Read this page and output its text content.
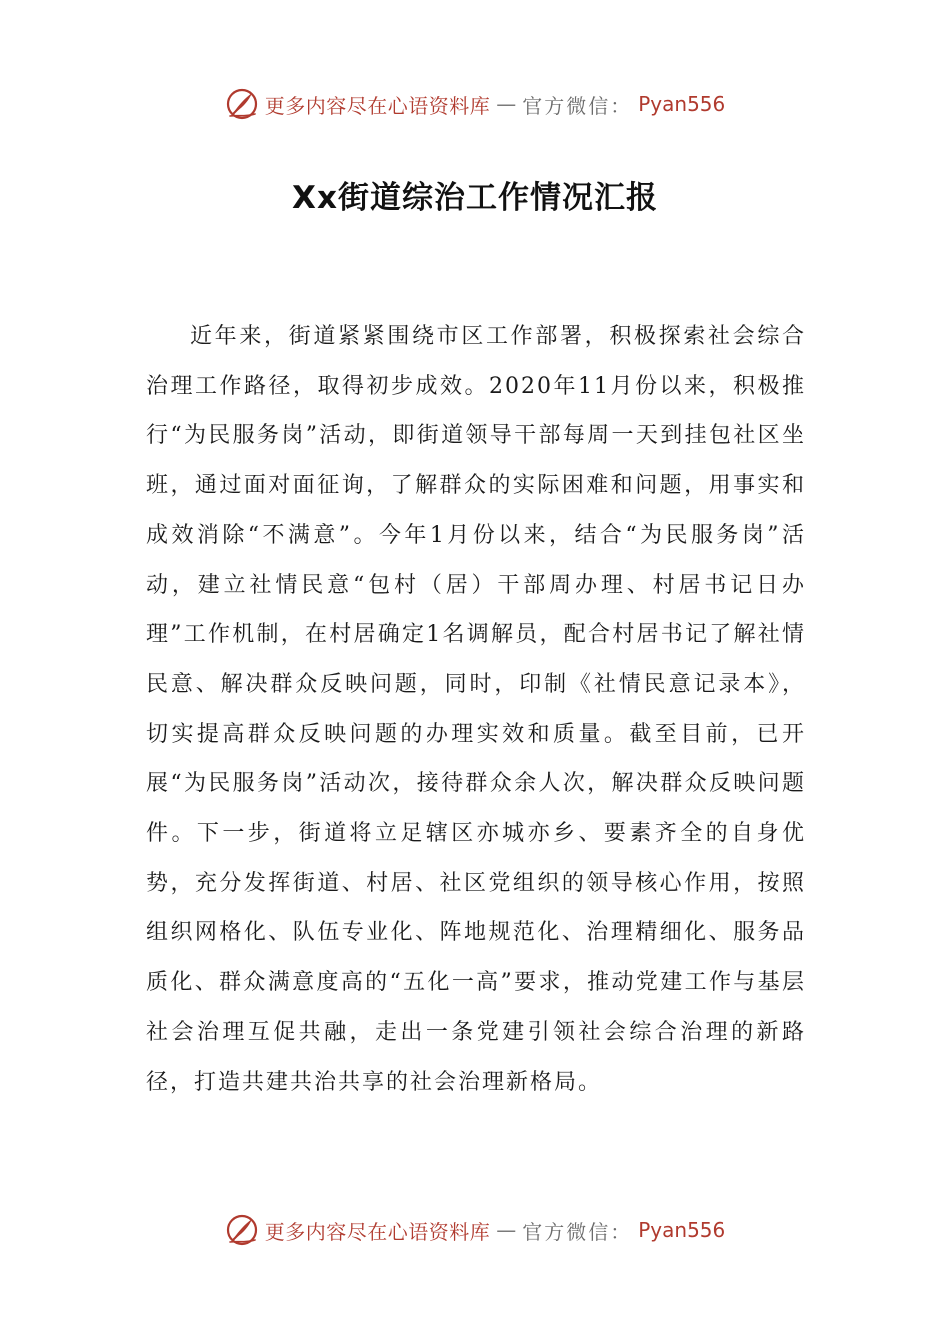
更多内容尽在心语资料库 — 官方微信： Pyan556
Xx街道综治工作情况汇报

近年来，街道紧紧围绕市区工作部署，积极探索社会综合治理工作路径，取得初步成效。2020年11月份以来，积极推行“为民服务岗”活动，即街道领导干部每周一天到挂包社区坐班，通过面对面征询，了解群众的实际困难和问题，用事实和成效消除“不满意”。今年1月份以来，结合“为民服务岗”活动，建立社情民意“包村（居）干部周办理、村居书记日办理”工作机制，在村居确定1名调解员，配合村居书记了解社情民意、解决群众反映问题，同时，印制《社情民意记录本》，切实提高群众反映问题的办理实效和质量。截至目前，已开展“为民服务岗”活动次，接待群众余人次，解决群众反映问题件。下一步，街道将立足辖区亦城亦乡、要素齐全的自身优势，充分发挥街道、村居、社区党组织的领导核心作用，按照组织网格化、队伍专业化、阵地规范化、治理精细化、服务品质化、群众满意度高的“五化一高”要求，推动党建工作与基层社会治理互促共融，走出一条党建引领社会综合治理的新路径，打造共建共治共享的社会治理新格局。

更多内容尽在心语资料库 — 官方微信： Pyan556
